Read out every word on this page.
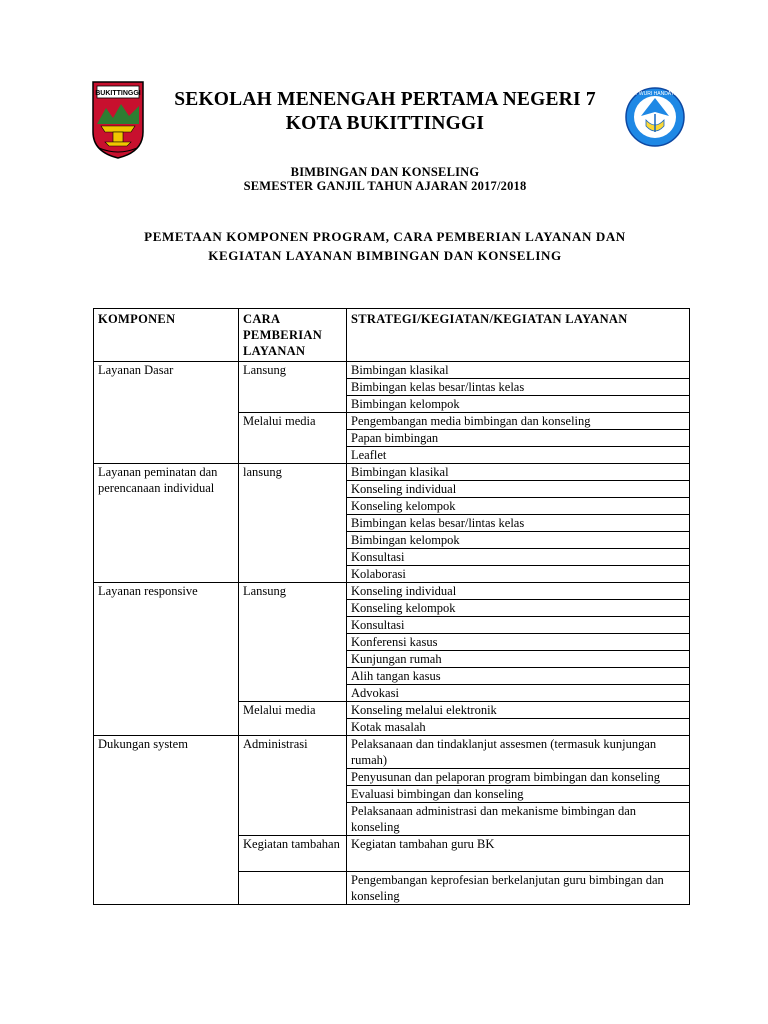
BUKITTINGGI	SEKOLAH MENENGAH PERTAMA NEGERI 7
KOTA BUKITTINGGI
TUT WURI HANDAYANI
BIMBINGAN DAN KONSELING
SEMESTER GANJIL TAHUN AJARAN 2017/2018
PEMETAAN KOMPONEN PROGRAM, CARA PEMBERIAN LAYANAN DAN
KEGIATAN LAYANAN BIMBINGAN DAN KONSELING
KOMPONEN	CARA PEMBERIAN LAYANAN	STRATEGI/KEGIATAN/KEGIATAN LAYANAN
Layanan Dasar	Lansung	Bimbingan klasikal
		Bimbingan kelas besar/lintas kelas
		Bimbingan kelompok
	Melalui media	Pengembangan media bimbingan dan konseling
		Papan bimbingan
		Leaflet
Layanan peminatan dan perencanaan individual	lansung	Bimbingan klasikal
		Konseling individual
		Konseling kelompok
		Bimbingan kelas besar/lintas kelas
		Bimbingan kelompok
		Konsultasi
		Kolaborasi
Layanan responsive	Lansung	Konseling individual
		Konseling kelompok
		Konsultasi
		Konferensi kasus
		Kunjungan rumah
		Alih tangan kasus
		Advokasi
	Melalui media	Konseling melalui elektronik
		Kotak masalah
Dukungan system	Administrasi	Pelaksanaan dan tindaklanjut assesmen (termasuk kunjungan rumah)
		Penyusunan dan pelaporan program bimbingan dan konseling
		Evaluasi bimbingan dan konseling
		Pelaksanaan administrasi dan mekanisme bimbingan dan konseling
	Kegiatan tambahan	Kegiatan tambahan guru BK
		Pengembangan keprofesian berkelanjutan guru bimbingan dan konseling
